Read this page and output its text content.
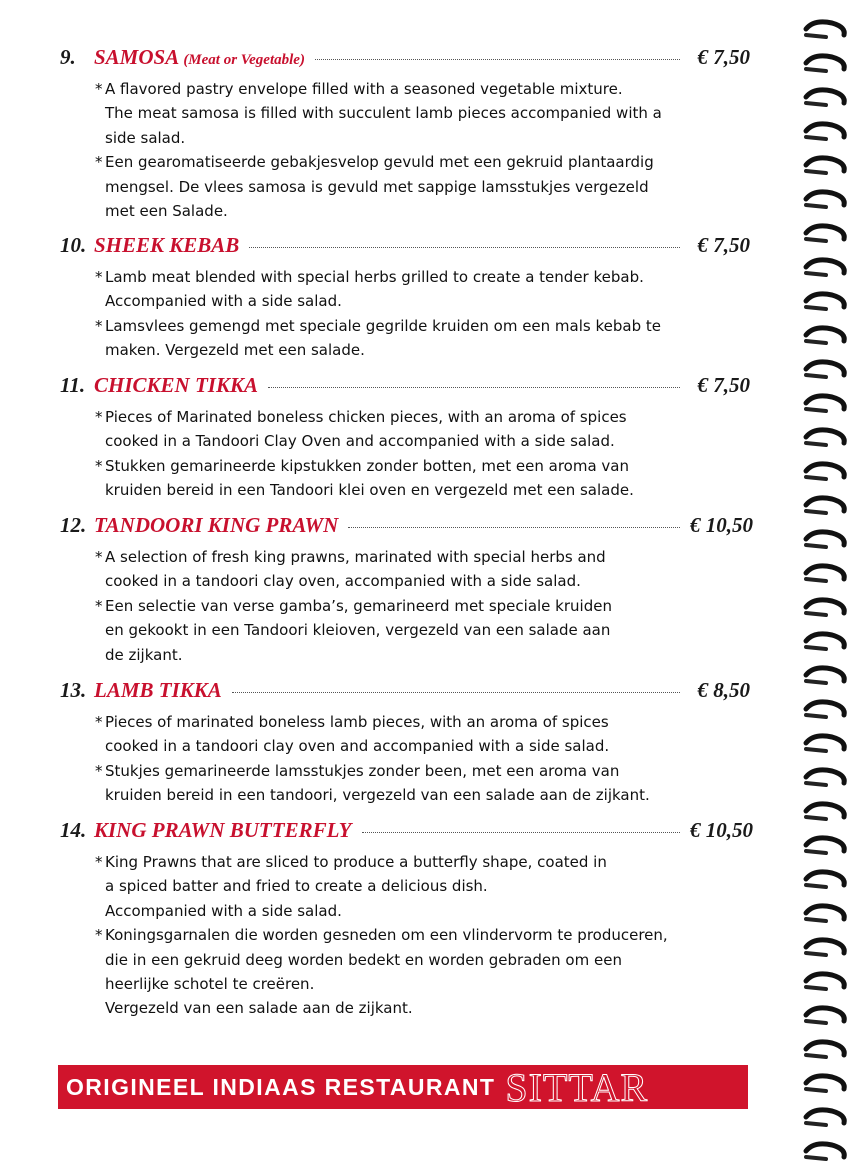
9. SAMOSA (Meat or Vegetable)	€ 7,50
* A flavored pastry envelope filled with a seasoned vegetable mixture.
The meat samosa is filled with succulent lamb pieces accompanied with a
side salad.
* Een gearomatiseerde gebakjesvelop gevuld met een gekruid plantaardig
mengsel. De vlees samosa is gevuld met sappige lamsstukjes vergezeld
met een Salade.
10. SHEEK KEBAB	€ 7,50
* Lamb meat blended with special herbs grilled to create a tender kebab.
Accompanied with a side salad.
* Lamsvlees gemengd met speciale gegrilde kruiden om een mals kebab te
maken. Vergezeld met een salade.
11. CHICKEN TIKKA	€ 7,50
* Pieces of Marinated boneless chicken pieces, with an aroma of spices
cooked in a Tandoori Clay Oven and accompanied with a side salad.
* Stukken gemarineerde kipstukken zonder botten, met een aroma van
kruiden bereid in een Tandoori klei oven en vergezeld met een salade.
12. TANDOORI KING PRAWN	€ 10,50
* A selection of fresh king prawns, marinated with special herbs and
cooked in a tandoori clay oven, accompanied with a side salad.
* Een selectie van verse gamba’s, gemarineerd met speciale kruiden
en gekookt in een Tandoori kleioven, vergezeld van een salade aan
de zijkant.
13. LAMB TIKKA	€ 8,50
* Pieces of marinated boneless lamb pieces, with an aroma of spices
cooked in a tandoori clay oven and accompanied with a side salad.
* Stukjes gemarineerde lamsstukjes zonder been, met een aroma van
kruiden bereid in een tandoori, vergezeld van een salade aan de zijkant.
14. KING PRAWN BUTTERFLY	€ 10,50
* King Prawns that are sliced to produce a butterfly shape, coated in
a spiced batter and fried to create a delicious dish.
Accompanied with a side salad.
* Koningsgarnalen die worden gesneden om een vlindervorm te produceren,
die in een gekruid deeg worden bedekt en worden gebraden om een
heerlijke schotel te creëren.
Vergezeld van een salade aan de zijkant.
ORIGINEEL INDIAAS RESTAURANT SITTAR
